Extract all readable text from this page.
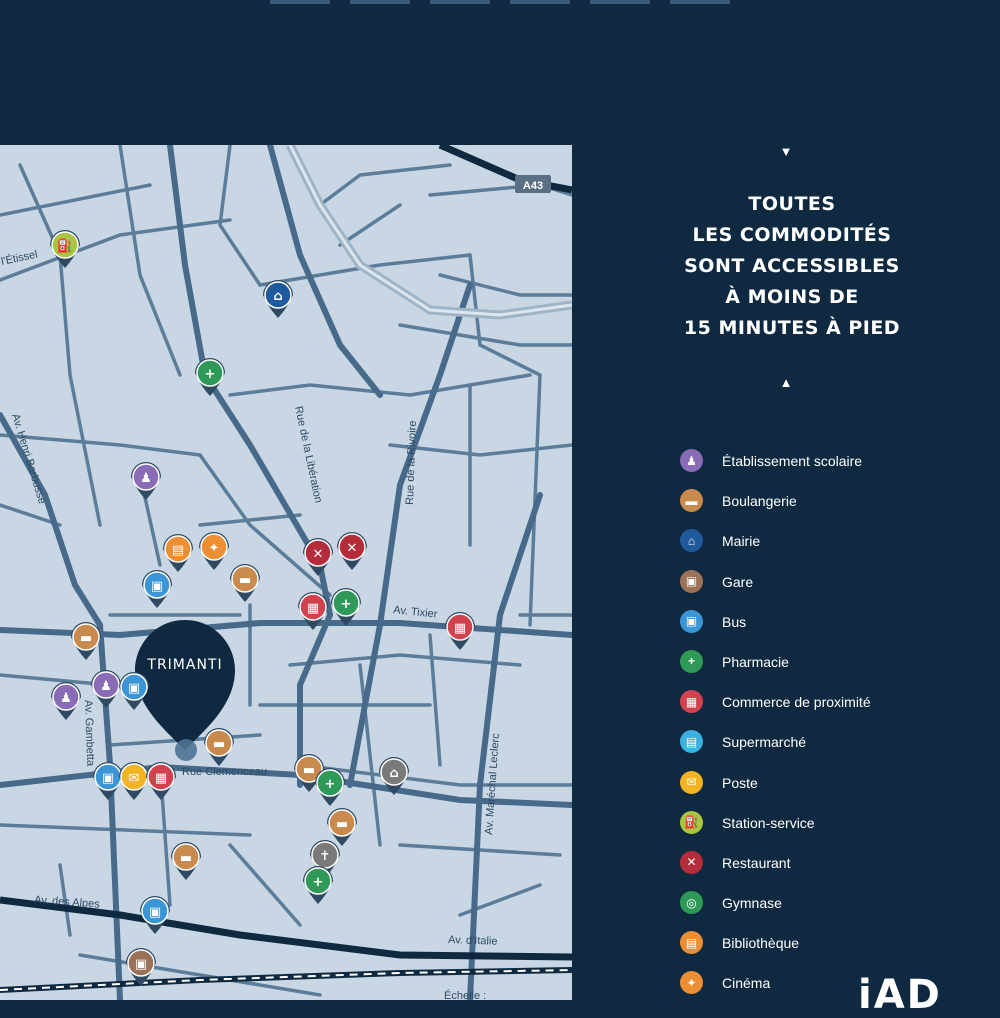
A43
l'Étissel
Av. Henri Barbusse	Rue de la Libération	Rue de la Rivoire
Av. Tixier
Av. Gambetta
Rue Clemenceau	Av. Maréchal Leclerc
Av. des Alpes
Av. d'Italie
Échelle :
TRIMANTI
⛽
⌂
+
♟
▤ ✦
▣	▬
✕ ✕
▦ +
▦
▬
♟
♟ ▣
▬
▣ ✉ ▦
▬
+
⌂
▬
✝
+
▬
▣
▣
▼
TOUTES
LES COMMODITÉS
SONT ACCESSIBLES
À MOINS DE
15 MINUTES À PIED
▲
♟	Établissement scolaire
▬	Boulangerie
⌂	Mairie
▣	Gare
▣	Bus
+	Pharmacie
▦	Commerce de proximité
▤	Supermarché
✉	Poste
⛽ Station-service
✕	Restaurant
◎	Gymnase
▤	Bibliothèque
✦	Cinéma iAD
